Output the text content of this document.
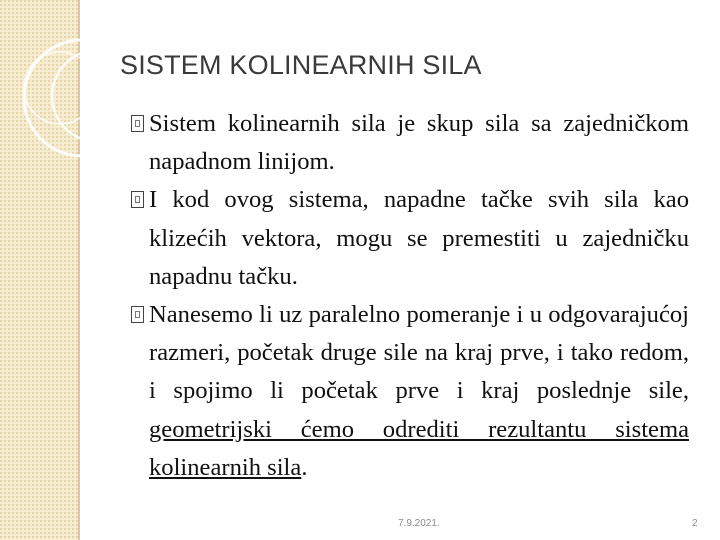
SISTEM KOLINEARNIH SILA

Sistem kolinearnih sila je skup sila sa zajedničkom napadnom linijom.

I kod ovog sistema, napadne tačke svih sila kao klizećih vektora, mogu se premestiti u zajedničku napadnu tačku.

Nanesemo li uz paralelno pomeranje i u odgovarajućoj razmeri, početak druge sile na kraj prve, i tako redom, i spojimo li početak prve i kraj poslednje sile, geometrijski ćemo odrediti rezultantu sistema kolinearnih sila.

7.9.2021.	2
